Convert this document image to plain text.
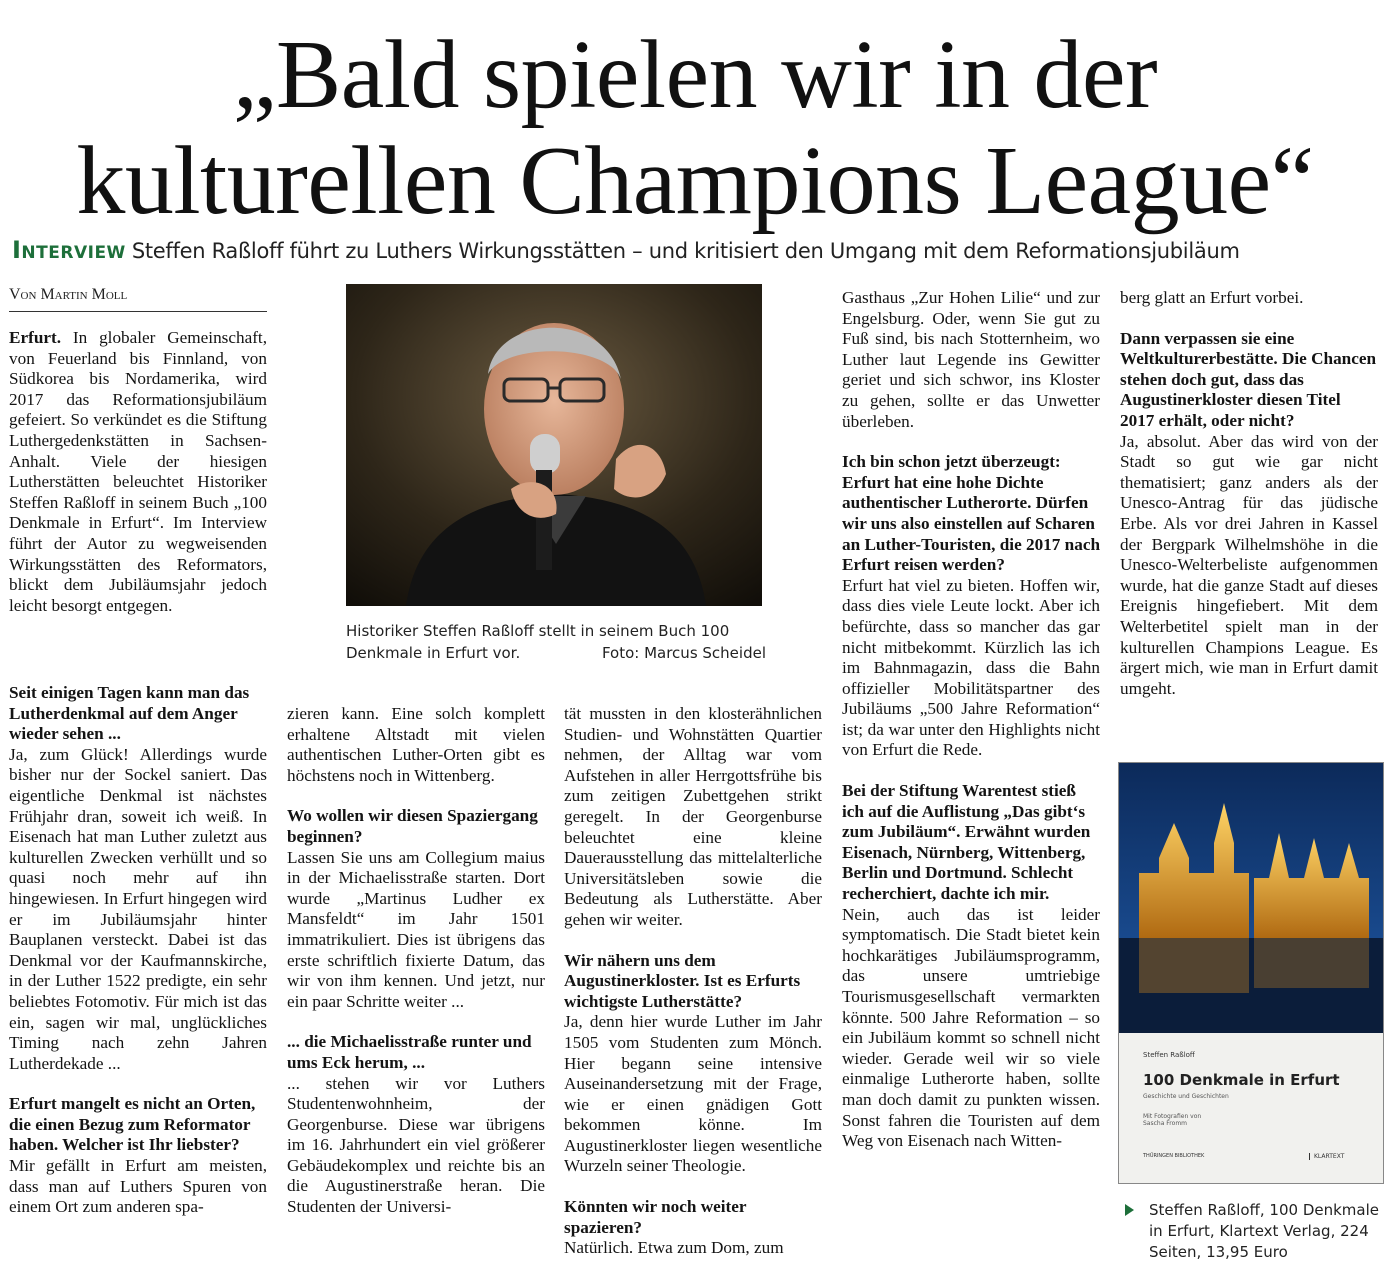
„Bald spielen wir in der
kulturellen Champions League“
Interview Steffen Raßloff führt zu Luthers Wirkungsstätten – und kritisiert den Umgang mit dem Reformationsjubiläum
Von Martin Moll

Erfurt. In globaler Gemeinschaft, von Feuerland bis Finnland, von Südkorea bis Nordamerika, wird 2017 das Reformationsjubiläum gefeiert. So verkündet es die Stiftung Luthergedenkstätten in Sachsen-Anhalt. Viele der hiesigen Lutherstätten beleuchtet Historiker Steffen Raßloff in seinem Buch „100 Denkmale in Erfurt“. Im Interview führt der Autor zu wegweisenden Wirkungsstätten des Reformators, blickt dem Jubiläumsjahr jedoch leicht besorgt entgegen.

Historiker Steffen Raßloff stellt in seinem Buch 100 Denkmale in Erfurt vor.	Foto: Marcus Scheidel

Seit einigen Tagen kann man das Lutherdenkmal auf dem Anger wieder sehen ...

Ja, zum Glück! Allerdings wurde bisher nur der Sockel saniert. Das eigentliche Denkmal ist nächstes Frühjahr dran, soweit ich weiß. In Eisenach hat man Luther zuletzt aus kulturellen Zwecken verhüllt und so quasi noch mehr auf ihn hingewiesen. In Erfurt hingegen wird er im Jubiläumsjahr hinter Bauplanen versteckt. Dabei ist das Denkmal vor der Kaufmannskirche, in der Luther 1522 predigte, ein sehr beliebtes Fotomotiv. Für mich ist das ein, sagen wir mal, unglückliches Timing nach zehn Jahren Lutherdekade ...

Erfurt mangelt es nicht an Orten, die einen Bezug zum Reformator haben. Welcher ist Ihr liebster?

Mir gefällt in Erfurt am meisten, dass man auf Luthers Spuren von einem Ort zum anderen spa-

zieren kann. Eine solch komplett erhaltene Altstadt mit vielen authentischen Luther-Orten gibt es höchstens noch in Wittenberg.

Wo wollen wir diesen Spaziergang beginnen?

Lassen Sie uns am Collegium maius in der Michaelisstraße starten. Dort wurde „Martinus Ludher ex Mansfeldt“ im Jahr 1501 immatrikuliert. Dies ist übrigens das erste schriftlich fixierte Datum, das wir von ihm kennen. Und jetzt, nur ein paar Schritte weiter ...

... die Michaelisstraße runter und ums Eck herum, ...

... stehen wir vor Luthers Studentenwohnheim, der Georgenburse. Diese war übrigens im 16. Jahrhundert ein viel größerer Gebäudekomplex und reichte bis an die Augustinerstraße heran. Die Studenten der Universi-

tät mussten in den klosterähnlichen Studien- und Wohnstätten Quartier nehmen, der Alltag war vom Aufstehen in aller Herrgottsfrühe bis zum zeitigen Zubettgehen strikt geregelt. In der Georgenburse beleuchtet eine kleine Dauerausstellung das mittelalterliche Universitätsleben sowie die Bedeutung als Lutherstätte. Aber gehen wir weiter.

Wir nähern uns dem Augustinerkloster. Ist es Erfurts wichtigste Lutherstätte?

Ja, denn hier wurde Luther im Jahr 1505 vom Studenten zum Mönch. Hier begann seine intensive Auseinandersetzung mit der Frage, wie er einen gnädigen Gott bekommen könne. Im Augustinerkloster liegen wesentliche Wurzeln seiner Theologie.

Könnten wir noch weiter spazieren?

Natürlich. Etwa zum Dom, zum

Gasthaus „Zur Hohen Lilie“ und zur Engelsburg. Oder, wenn Sie gut zu Fuß sind, bis nach Stotternheim, wo Luther laut Legende ins Gewitter geriet und sich schwor, ins Kloster zu gehen, sollte er das Unwetter überleben.

Ich bin schon jetzt überzeugt: Erfurt hat eine hohe Dichte authentischer Lutherorte. Dürfen wir uns also einstellen auf Scharen an Luther-Touristen, die 2017 nach Erfurt reisen werden?

Erfurt hat viel zu bieten. Hoffen wir, dass dies viele Leute lockt. Aber ich befürchte, dass so mancher das gar nicht mitbekommt. Kürzlich las ich im Bahnmagazin, dass die Bahn offizieller Mobilitätspartner des Jubiläums „500 Jahre Reformation“ ist; da war unter den Highlights nicht von Erfurt die Rede.

Bei der Stiftung Warentest stieß ich auf die Auflistung „Das gibt‘s zum Jubiläum“. Erwähnt wurden Eisenach, Nürnberg, Wittenberg, Berlin und Dortmund. Schlecht recherchiert, dachte ich mir.

Nein, auch das ist leider symptomatisch. Die Stadt bietet kein hochkarätiges Jubiläumsprogramm, das unsere umtriebige Tourismusgesellschaft vermarkten könnte. 500 Jahre Reformation – so ein Jubiläum kommt so schnell nicht wieder. Gerade weil wir so viele einmalige Lutherorte haben, sollte man doch damit zu punkten wissen. Sonst fahren die Touristen auf dem Weg von Eisenach nach Witten-

berg glatt an Erfurt vorbei.

Dann verpassen sie eine Weltkulturerbestätte. Die Chancen stehen doch gut, dass das Augustinerkloster diesen Titel 2017 erhält, oder nicht?

Ja, absolut. Aber das wird von der Stadt so gut wie gar nicht thematisiert; ganz anders als der Unesco-Antrag für das jüdische Erbe. Als vor drei Jahren in Kassel der Bergpark Wilhelmshöhe in die Unesco-Welterbeliste aufgenommen wurde, hat die ganze Stadt auf dieses Ereignis hingefiebert. Mit dem Welterbetitel spielt man in der kulturellen Champions League. Es ärgert mich, wie man in Erfurt damit umgeht.

Steffen Raßloff
100 Denkmale in Erfurt
Geschichte und Geschichten
Mit Fotografien von Sascha Fromm
THÜRINGEN BIBLIOTHEK	KLARTEXT
Steffen Raßloff, 100 Denkmale in Erfurt, Klartext Verlag, 224 Seiten, 13,95 Euro
